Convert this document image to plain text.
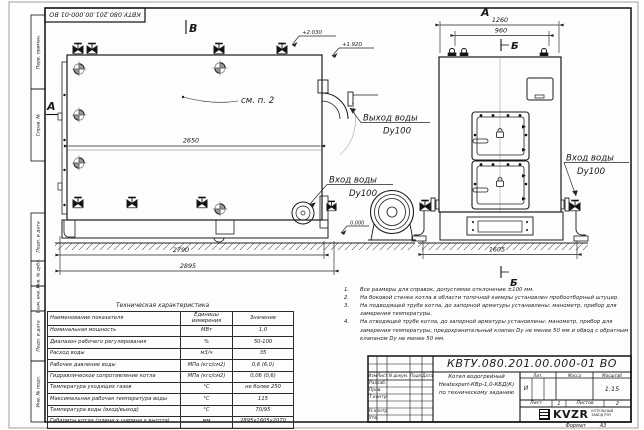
Перв. примен.
Справ. №
Подп. и дата
Инв. № дубл.
Взам. инв. №
Подп. и дата
Инв. № подл.
КВТУ.080.201.00.000-01 ВО
2650
2790
2895
1260
960
1605
+2.030
+1.920
0.000
В
А
А
Б
Б
см. п. 2
Выход воды
Dy100
Вход воды
Dy100
Вход воды
Dy100
1.	Все размеры для справок, допустимое отклонение ±100 мм.
2.	На боковой стенке котла в области топочной камеры установлен пробоотборный штуцер.
3.	На подводящей трубе котла, до запорной арматуры установлены: манометр, прибор для замерения температуры.
4.	На отводящей трубе котла, до запорной арматуры установлены: манометр, прибор для замерения температуры, предохранительный клапан Dy не менее 50 мм и обвод с обратным клапаном Dy не менее 50 мм.
Техническая характеристика
Наименование показателя	Единицы измерения	Значение
Номинальная мощность	МВт	1,0
Диапазон рабочего регулирования	%	50-100
Расход воды	м3/ч	35
Рабочее давление воды	МПа (кгс/см2)	0,6 (6,0)
Гидравлическое сопротивление котла	МПа (кгс/см2)	0,06 (0,6)
Температура уходящих газов	°С	не более 250
Максимальная рабочая температура воды	°С	115
Температура воды (вход/выход)	°С	70/95
Габариты котла (длина х ширина х высота)	мм	2895х1605х2070
КВТУ.080.201.00.000-01 ВО
Изм Лист N докум. Подп. Дата
Разраб.
Пров.
Т.контр.
Н.контр.
Утв.
Котел водогрейный
Heatexpert-КВр-1,0-КБД(К)
по техническому заданию
Лит.	Масса	Масштаб
И	1:15
Лист	1	Листов	2
KVZR КОТЕЛЬНЫЙ
ЗАВОД РЭП
Формат	А3
